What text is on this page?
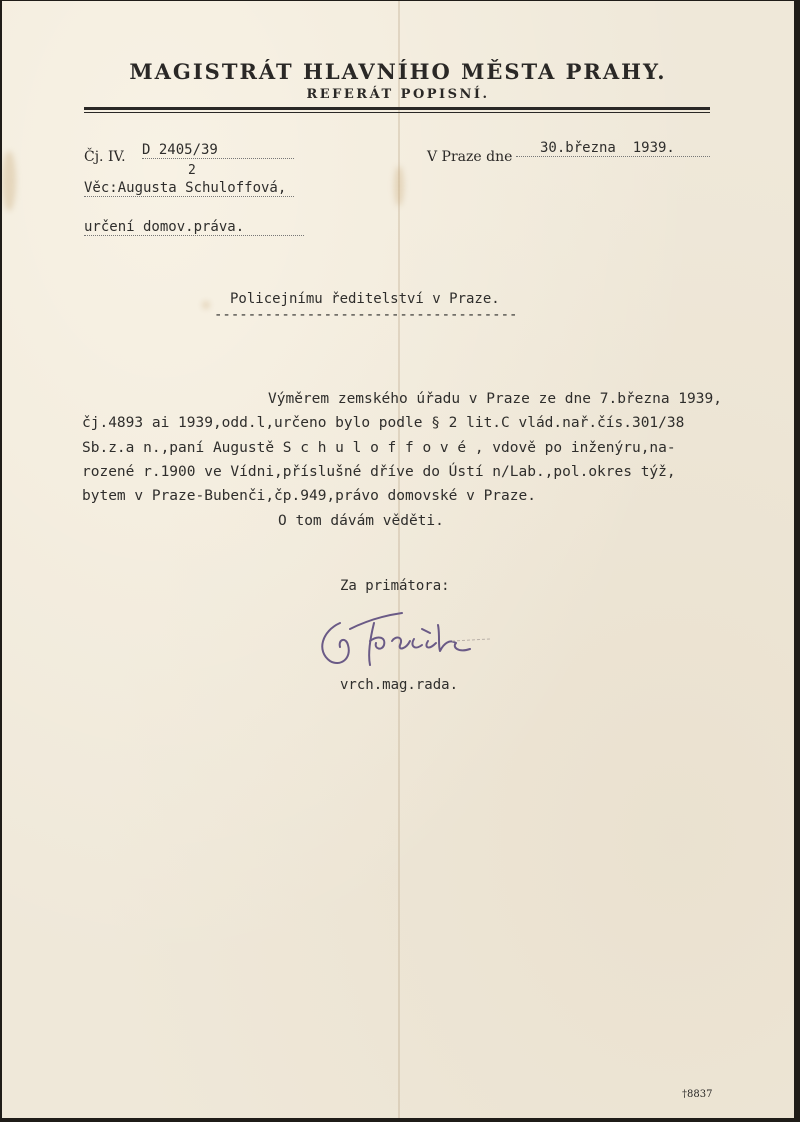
MAGISTRÁT HLAVNÍHO MĚSTA PRAHY.
REFERÁT POPISNÍ.
Čj. IV. D 2405/39
2
V Praze dne
30.března  1939.
Věc:Augusta Schuloffová,
určení domov.práva.
Policejnímu ředitelství v Praze.
------------------------------------
Výměrem zemského úřadu v Praze ze dne 7.března 1939,
čj.4893 ai 1939,odd.l,určeno bylo podle § 2 lit.C vlád.nař.čís.301/38
Sb.z.a n.,paní Augustě S c h u l o f f o v é , vdově po inženýru,na-
rozené r.1900 ve Vídni,příslušné dříve do Ústí n/Lab.,pol.okres týž,
bytem v Praze-Bubenči,čp.949,právo domovské v Praze.
O tom dávám věděti.
Za primátora:
vrch.mag.rada.
†8837
